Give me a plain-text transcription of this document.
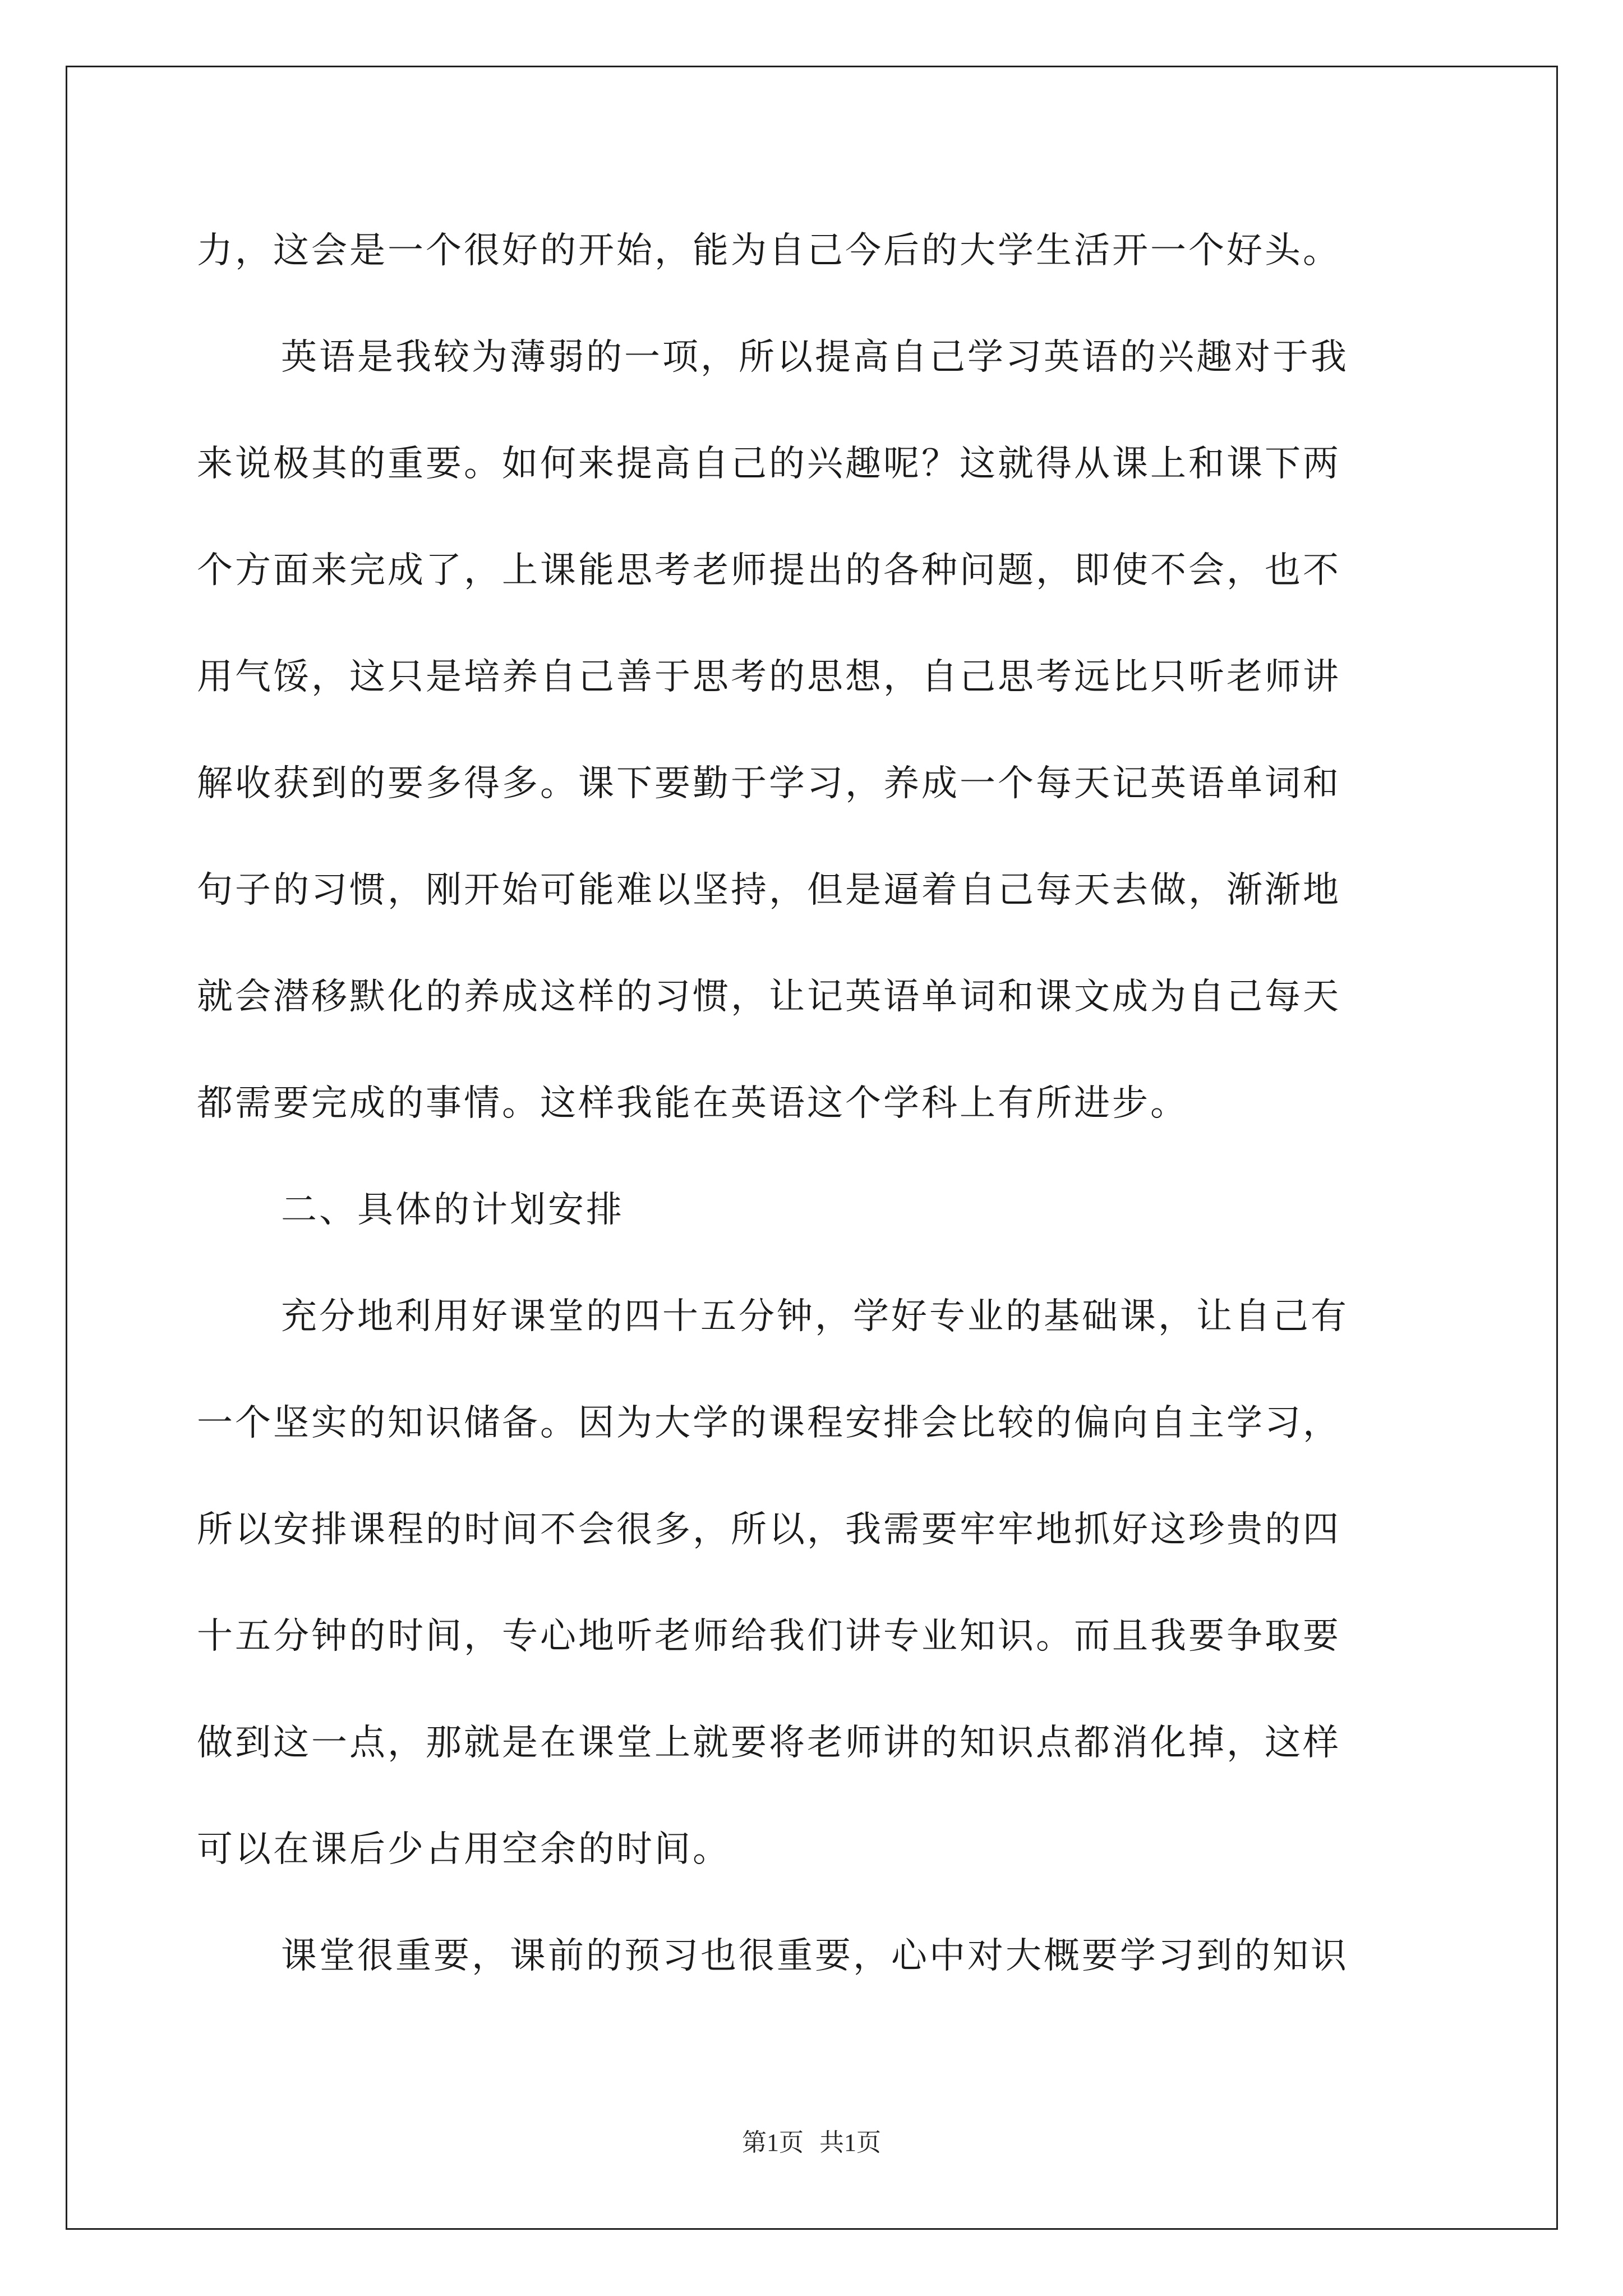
力，这会是一个很好的开始，能为自己今后的大学生活开一个好头。
英语是我较为薄弱的一项，所以提高自己学习英语的兴趣对于我
来说极其的重要。如何来提高自己的兴趣呢？这就得从课上和课下两
个方面来完成了，上课能思考老师提出的各种问题，即使不会，也不
用气馁，这只是培养自己善于思考的思想，自己思考远比只听老师讲
解收获到的要多得多。课下要勤于学习，养成一个每天记英语单词和
句子的习惯，刚开始可能难以坚持，但是逼着自己每天去做，渐渐地
就会潜移默化的养成这样的习惯，让记英语单词和课文成为自己每天
都需要完成的事情。这样我能在英语这个学科上有所进步。
二、具体的计划安排
充分地利用好课堂的四十五分钟，学好专业的基础课，让自己有
一个坚实的知识储备。因为大学的课程安排会比较的偏向自主学习，
所以安排课程的时间不会很多，所以，我需要牢牢地抓好这珍贵的四
十五分钟的时间，专心地听老师给我们讲专业知识。而且我要争取要
做到这一点，那就是在课堂上就要将老师讲的知识点都消化掉，这样
可以在课后少占用空余的时间。
课堂很重要，课前的预习也很重要，心中对大概要学习到的知识
第1页 共1页
